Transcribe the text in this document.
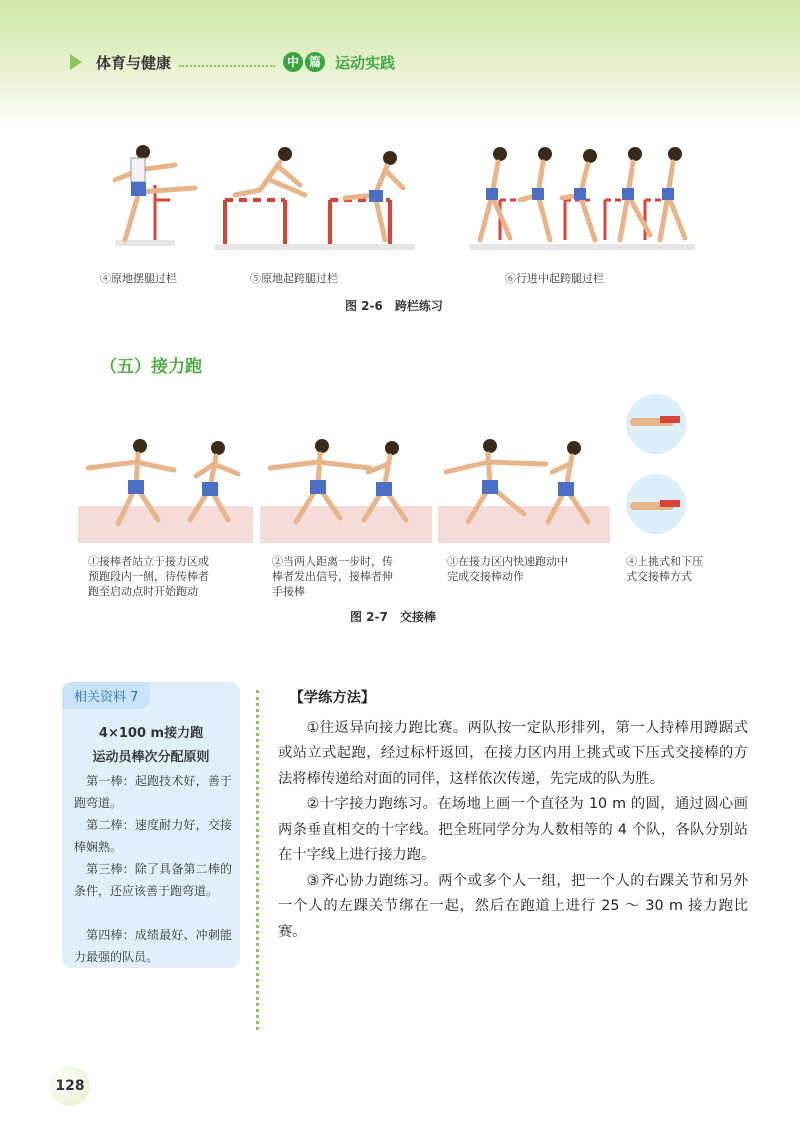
体育与健康	中 篇 运动实践
④原地摆腿过栏	⑤原地起跨腿过栏	⑥行进中起跨腿过栏
图 2-6　跨栏练习
（五）接力跑
①接棒者站立于接力区或
预跑段内一侧，待传棒者
跑至启动点时开始跑动
②当两人距离一步时，传
棒者发出信号，接棒者伸
手接棒
③在接力区内快速跑动中
完成交接棒动作
④上挑式和下压
式交接棒方式
图 2-7　交接棒
相关资料 7
4×100 m接力跑
运动员棒次分配原则
 第一棒：起跑技术好，善于跑弯道。
 第二棒：速度耐力好，交接棒娴熟。
 第三棒：除了具备第二棒的条件，还应该善于跑弯道。
 第四棒：成绩最好、冲刺能力最强的队员。
【学练方法】

①往返异向接力跑比赛。两队按一定队形排列，第一人持棒用蹲踞式或站立式起跑，经过标杆返回，在接力区内用上挑式或下压式交接棒的方法将棒传递给对面的同伴，这样依次传递，先完成的队为胜。

②十字接力跑练习。在场地上画一个直径为 10 m 的圆，通过圆心画两条垂直相交的十字线。把全班同学分为人数相等的 4 个队，各队分别站在十字线上进行接力跑。

③齐心协力跑练习。两个或多个人一组，把一个人的右踝关节和另外一个人的左踝关节绑在一起，然后在跑道上进行 25 ～ 30 m 接力跑比赛。

128
